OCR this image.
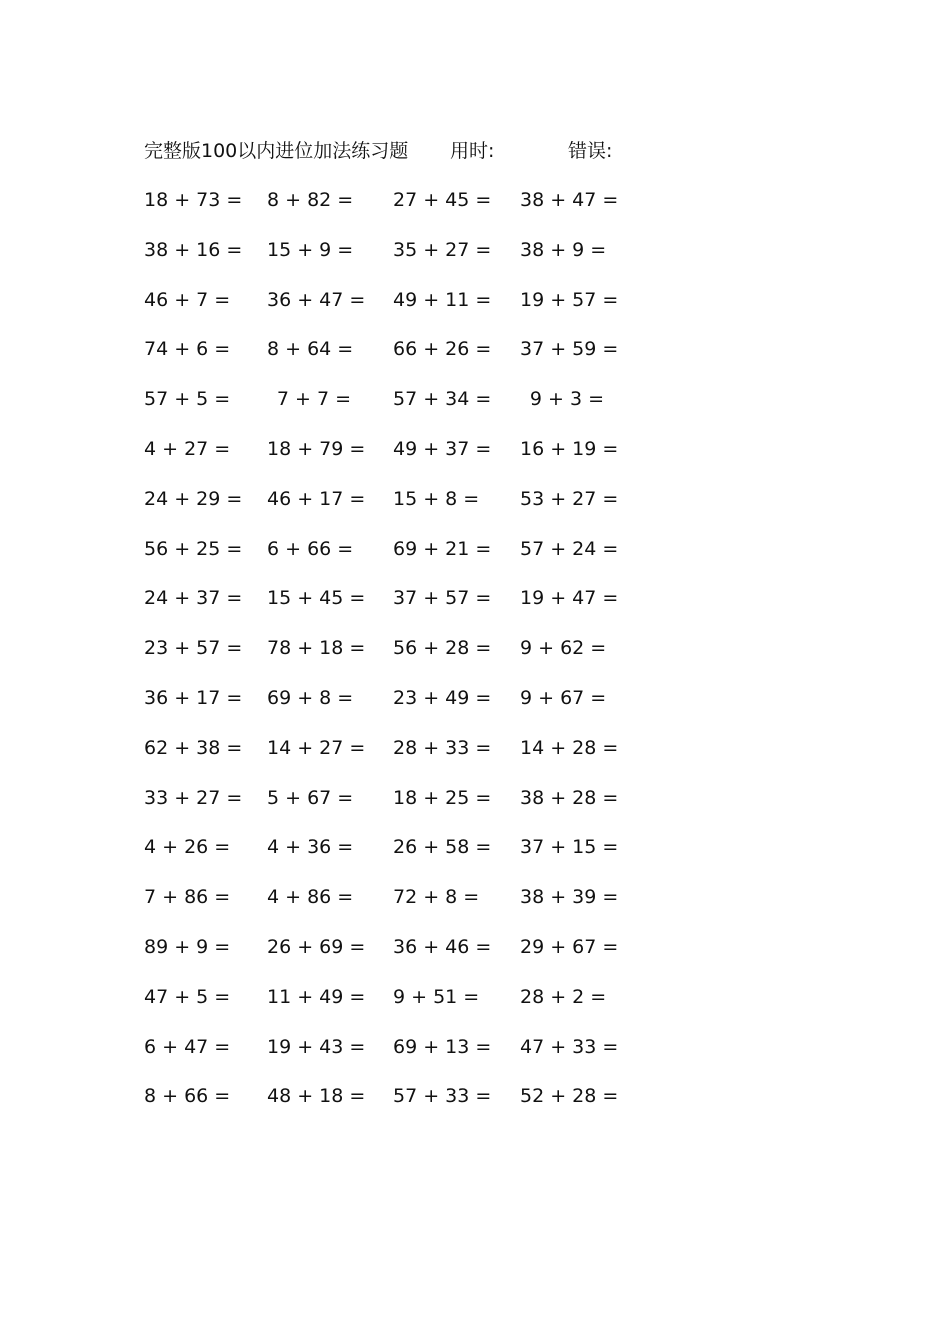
完整版100以内进位加法练习题 用时:	错误:
18 + 73 = 8 + 82 = 27 + 45 = 38 + 47 =
38 + 16 = 15 + 9 = 35 + 27 = 38 + 9 =
46 + 7 = 36 + 47 = 49 + 11 = 19 + 57 =
74 + 6 = 8 + 64 = 66 + 26 = 37 + 59 =
57 + 5 =	7 + 7 = 57 + 34 =	9 + 3 =
4 + 27 = 18 + 79 = 49 + 37 = 16 + 19 =
24 + 29 = 46 + 17 = 15 + 8 = 53 + 27 =
56 + 25 = 6 + 66 = 69 + 21 = 57 + 24 =
24 + 37 = 15 + 45 = 37 + 57 = 19 + 47 =
23 + 57 = 78 + 18 = 56 + 28 = 9 + 62 =
36 + 17 = 69 + 8 = 23 + 49 = 9 + 67 =
62 + 38 = 14 + 27 = 28 + 33 = 14 + 28 =
33 + 27 = 5 + 67 = 18 + 25 = 38 + 28 =
4 + 26 = 4 + 36 = 26 + 58 = 37 + 15 =
7 + 86 = 4 + 86 = 72 + 8 = 38 + 39 =
89 + 9 = 26 + 69 = 36 + 46 = 29 + 67 =
47 + 5 = 11 + 49 = 9 + 51 = 28 + 2 =
6 + 47 = 19 + 43 = 69 + 13 = 47 + 33 =
8 + 66 = 48 + 18 = 57 + 33 = 52 + 28 =
